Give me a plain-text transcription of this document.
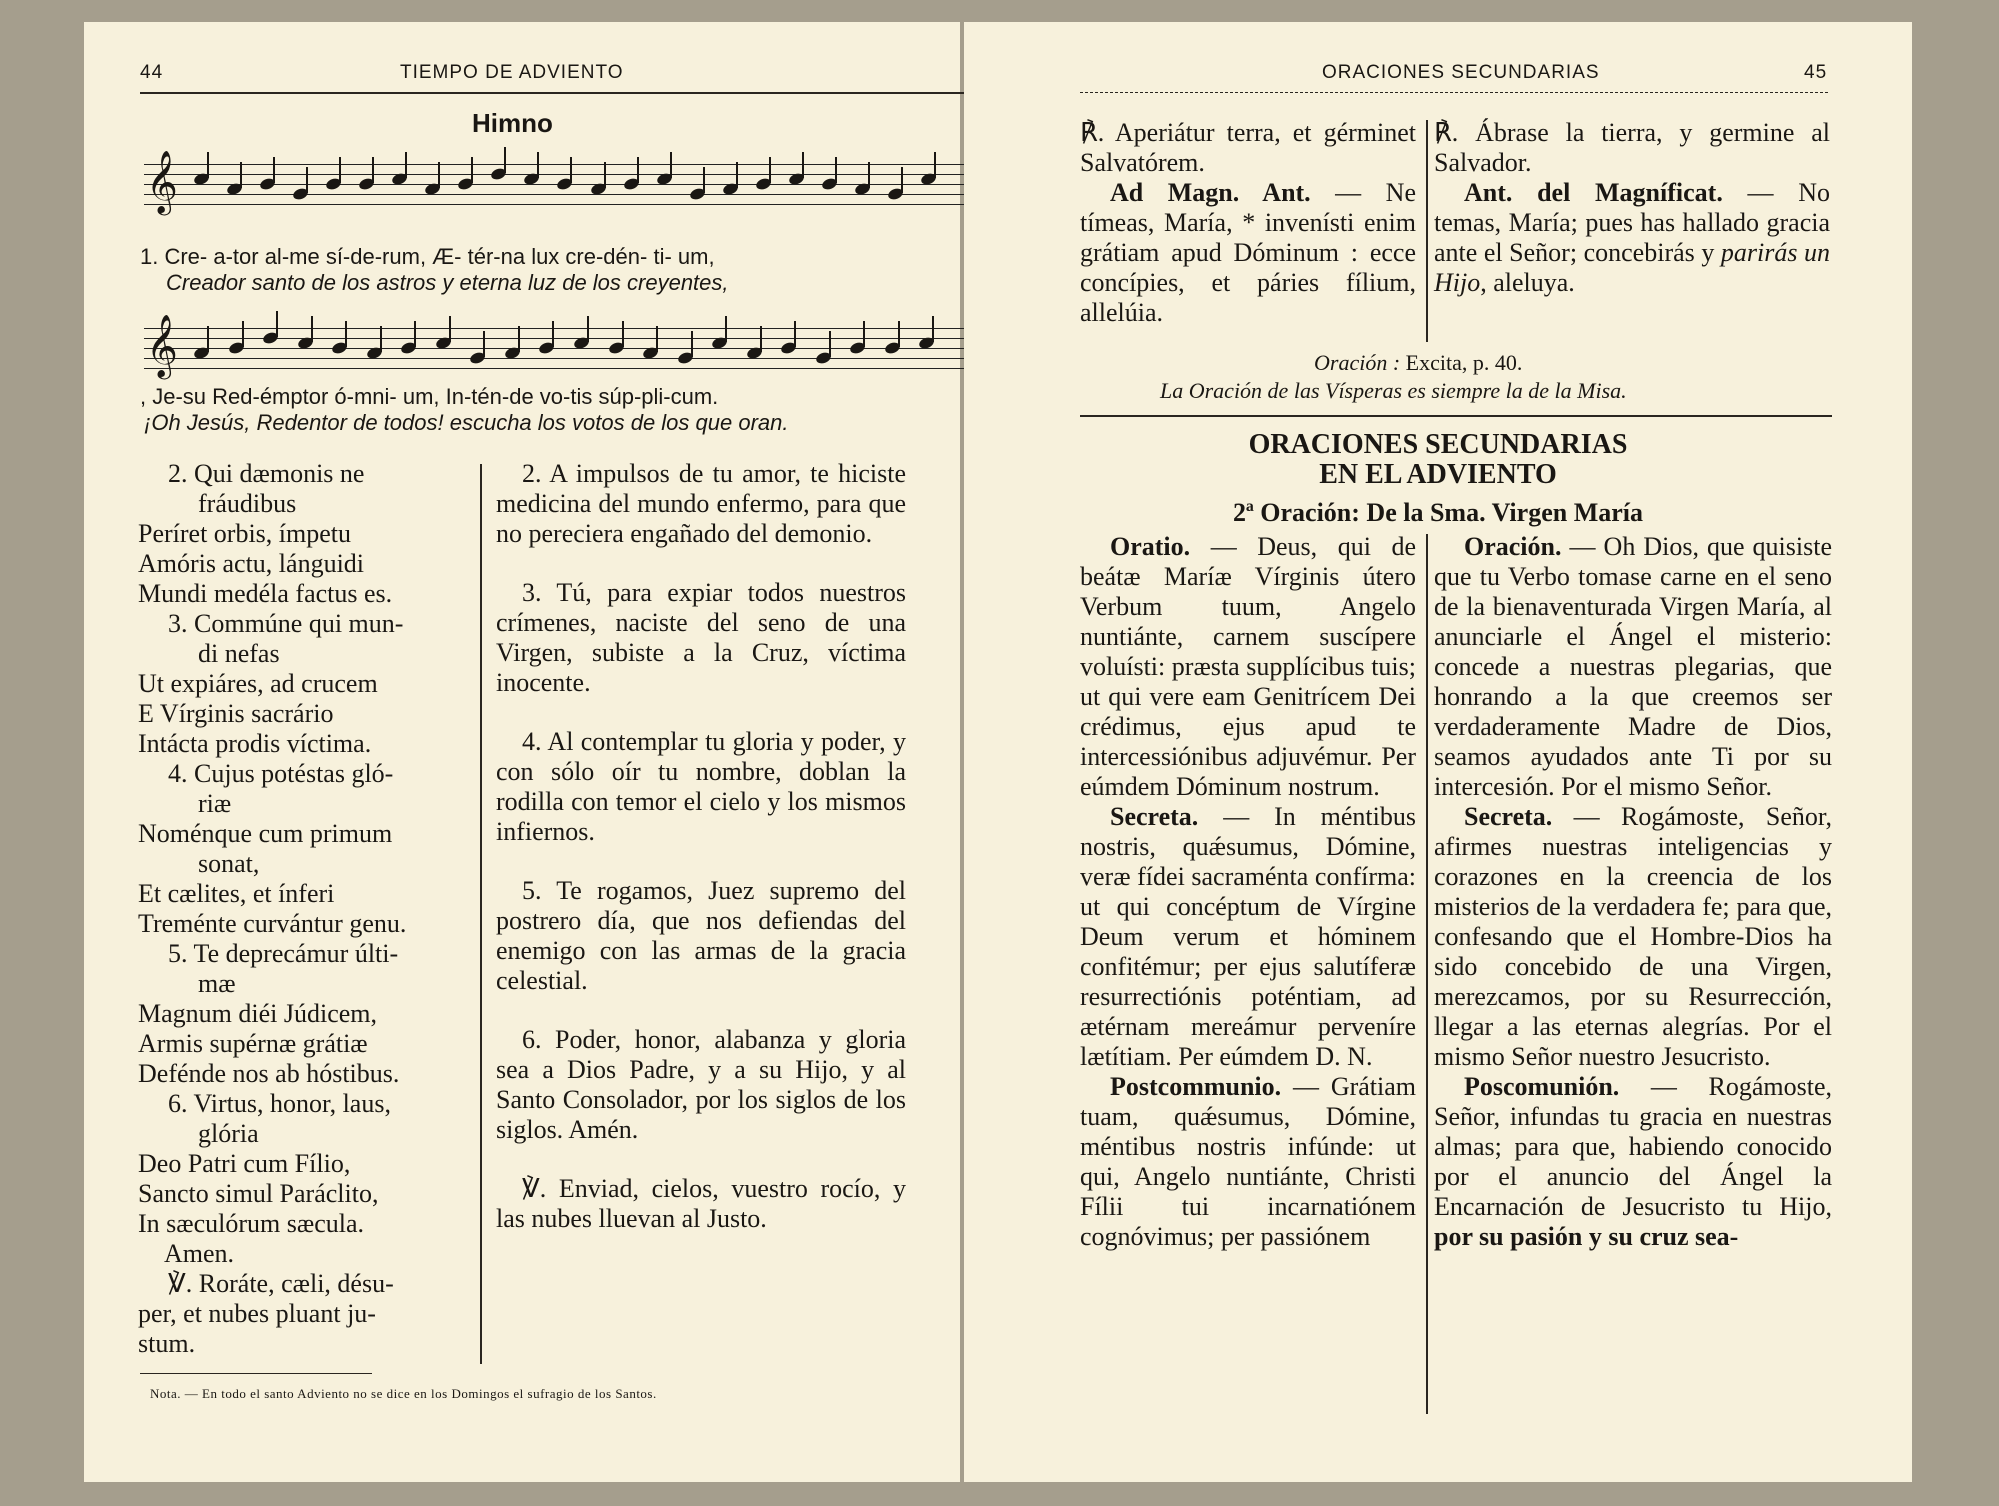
44	TIEMPO DE ADVIENTO
Himno
𝄞
1. Cre- a-tor al-me sí-de-rum, Æ- tér-na lux cre-dén- ti- um,
Creador santo de los astros y eterna luz de los creyentes,
𝄞
, Je-su Red-émptor ó-mni- um, In-tén-de vo-tis súp-pli-cum.
¡Oh Jesús, Redentor de todos! escucha los votos de los que oran.

2. Qui dæmonis ne

fráudibus

Períret orbis, ímpetu

Amóris actu, lánguidi

Mundi medéla factus es.

3. Commúne qui mun-

di nefas

Ut expiáres, ad crucem

E Vírginis sacrário

Intácta prodis víctima.

4. Cujus potéstas gló-

riæ

Noménque cum primum

sonat,

Et cælites, et ínferi

Treménte curvántur genu.

5. Te deprecámur últi-

mæ

Magnum diéi Júdicem,

Armis supérnæ grátiæ

Defénde nos ab hóstibus.

6. Virtus, honor, laus,

glória

Deo Patri cum Fílio,

Sancto simul Paráclito,

In sæculórum sæcula.

Amen.

℣. Roráte, cæli, désu-

per, et nubes pluant ju-

stum.

2. A impulsos de tu amor, te hiciste medicina del mundo enfermo, para que no pereciera engañado del demonio.

3. Tú, para expiar todos nuestros crímenes, naciste del seno de una Virgen, subiste a la Cruz, víctima inocente.

4. Al contemplar tu gloria y poder, y con sólo oír tu nombre, doblan la rodilla con temor el cielo y los mismos infiernos.

5. Te rogamos, Juez supremo del postrero día, que nos defiendas del enemigo con las armas de la gracia celestial.

6. Poder, honor, alabanza y gloria sea a Dios Padre, y a su Hijo, y al Santo Consolador, por los siglos de los siglos. Amén.

℣. Enviad, cielos, vuestro rocío, y las nubes lluevan al Justo.

Nota. — En todo el santo Adviento no se dice en los Domingos el sufragio de los Santos.
ORACIONES SECUNDARIAS	45

℟. Aperiátur terra, et gérminet Salvatórem.

Ad Magn. Ant. — Ne tímeas, María, * invenísti enim grátiam apud Dóminum : ecce concípies, et páries fílium, allelúia.

℟. Ábrase la tierra, y germine al Salvador.

Ant. del Magníficat. — No temas, María; pues has hallado gracia ante el Señor; concebirás y parirás un Hijo, aleluya.

Oración : Excita, p. 40.
La Oración de las Vísperas es siempre la de la Misa.
ORACIONES SECUNDARIAS
EN EL ADVIENTO
2ª Oración: De la Sma. Virgen María

Oratio. — Deus, qui de beátæ Maríæ Vírginis útero Verbum tuum, Angelo nuntiánte, carnem suscípere voluísti: præsta supplícibus tuis; ut qui vere eam Genitrícem Dei crédimus, ejus apud te intercessiónibus adjuvémur. Per eúmdem Dóminum nostrum.

Secreta. — In méntibus nostris, quǽsumus, Dómine, veræ fídei sacraménta confírma: ut qui concéptum de Vírgine Deum verum et hóminem confitémur; per ejus salutíferæ resurrectiónis poténtiam, ad ætérnam mereámur perveníre lætítiam. Per eúmdem D. N.

Postcommunio. — Grátiam tuam, quǽsumus, Dómine, méntibus nostris infúnde: ut qui, Angelo nuntiánte, Christi Fílii tui incarnatiónem cognóvimus; per passiónem

Oración. — Oh Dios, que quisiste que tu Verbo tomase carne en el seno de la bienaventurada Virgen María, al anunciarle el Ángel el misterio: concede a nuestras plegarias, que honrando a la que creemos ser verdaderamente Madre de Dios, seamos ayudados ante Ti por su intercesión. Por el mismo Señor.

Secreta. — Rogámoste, Señor, afirmes nuestras inteligencias y corazones en la creencia de los misterios de la verdadera fe; para que, confesando que el Hombre-Dios ha sido concebido de una Virgen, merezcamos, por su Resurrección, llegar a las eternas alegrías. Por el mismo Señor nuestro Jesucristo.

Poscomunión. — Rogámoste, Señor, infundas tu gracia en nuestras almas; para que, habiendo conocido por el anuncio del Ángel la Encarnación de Jesucristo tu Hijo, por su pasión y su cruz sea-
